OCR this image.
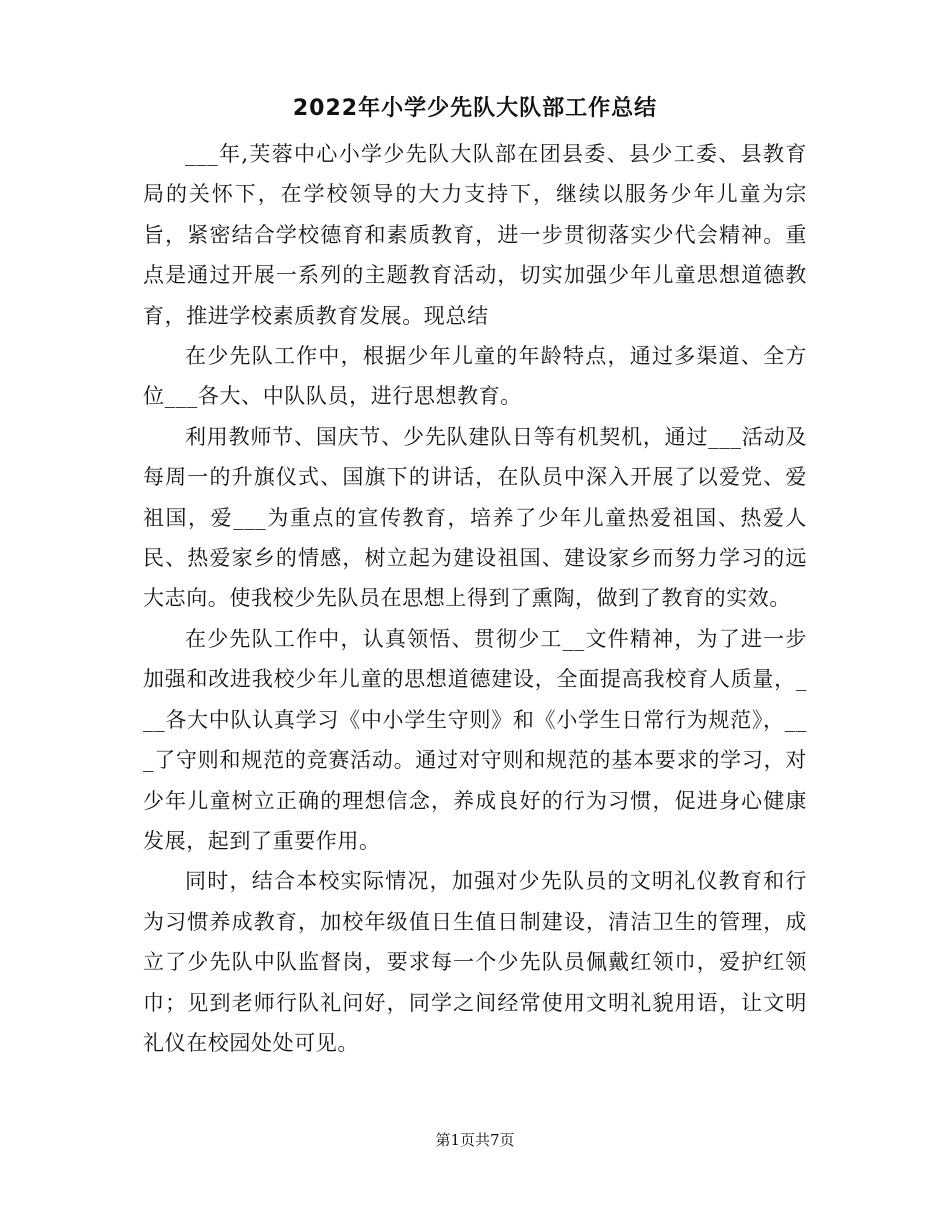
2022年小学少先队大队部工作总结

___年,芙蓉中心小学少先队大队部在团县委、县少工委、县教育局的关怀下，在学校领导的大力支持下，继续以服务少年儿童为宗旨，紧密结合学校德育和素质教育，进一步贯彻落实少代会精神。重点是通过开展一系列的主题教育活动，切实加强少年儿童思想道德教育，推进学校素质教育发展。现总结

在少先队工作中，根据少年儿童的年龄特点，通过多渠道、全方位___各大、中队队员，进行思想教育。

利用教师节、国庆节、少先队建队日等有机契机，通过___活动及每周一的升旗仪式、国旗下的讲话，在队员中深入开展了以爱党、爱祖国，爱___为重点的宣传教育，培养了少年儿童热爱祖国、热爱人民、热爱家乡的情感，树立起为建设祖国、建设家乡而努力学习的远大志向。使我校少先队员在思想上得到了熏陶，做到了教育的实效。

在少先队工作中，认真领悟、贯彻少工__文件精神，为了进一步加强和改进我校少年儿童的思想道德建设，全面提高我校育人质量，___各大中队认真学习《中小学生守则》和《小学生日常行为规范》，___了守则和规范的竞赛活动。通过对守则和规范的基本要求的学习，对少年儿童树立正确的理想信念，养成良好的行为习惯，促进身心健康发展，起到了重要作用。

同时，结合本校实际情况，加强对少先队员的文明礼仪教育和行为习惯养成教育，加校年级值日生值日制建设，清洁卫生的管理，成立了少先队中队监督岗，要求每一个少先队员佩戴红领巾，爱护红领巾；见到老师行队礼问好，同学之间经常使用文明礼貌用语，让文明礼仪在校园处处可见。

第1页共7页
